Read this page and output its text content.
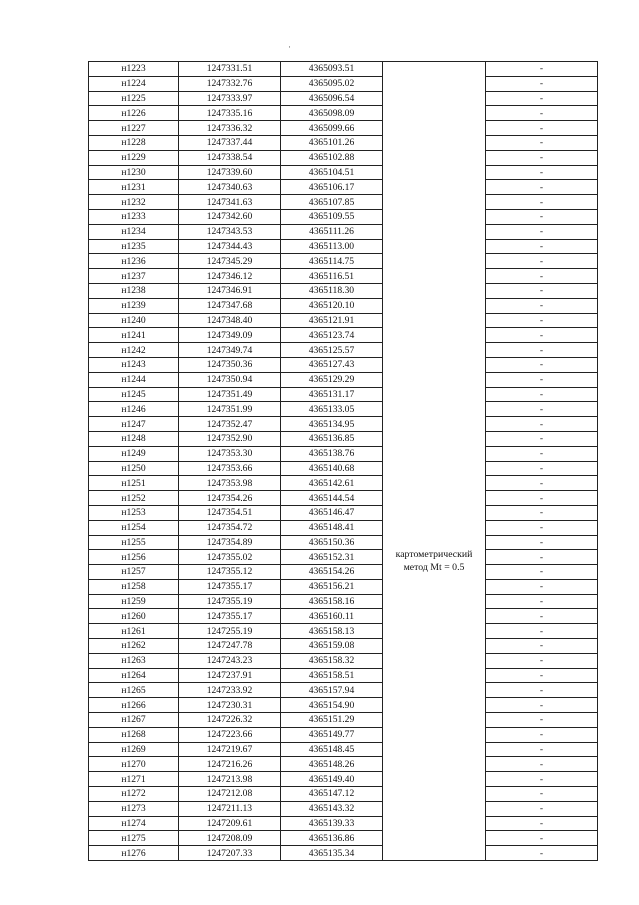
·
н1223	1247331.51	4365093.51	картометрический
метод Mt = 0.5	-
н1224	1247332.76	4365095.02		-
н1225	1247333.97	4365096.54		-
н1226	1247335.16	4365098.09		-
н1227	1247336.32	4365099.66		-
н1228	1247337.44	4365101.26		-
н1229	1247338.54	4365102.88		-
н1230	1247339.60	4365104.51		-
н1231	1247340.63	4365106.17		-
н1232	1247341.63	4365107.85		-
н1233	1247342.60	4365109.55		-
н1234	1247343.53	4365111.26		-
н1235	1247344.43	4365113.00		-
н1236	1247345.29	4365114.75		-
н1237	1247346.12	4365116.51		-
н1238	1247346.91	4365118.30		-
н1239	1247347.68	4365120.10		-
н1240	1247348.40	4365121.91		-
н1241	1247349.09	4365123.74		-
н1242	1247349.74	4365125.57		-
н1243	1247350.36	4365127.43		-
н1244	1247350.94	4365129.29		-
н1245	1247351.49	4365131.17		-
н1246	1247351.99	4365133.05		-
н1247	1247352.47	4365134.95		-
н1248	1247352.90	4365136.85		-
н1249	1247353.30	4365138.76		-
н1250	1247353.66	4365140.68		-
н1251	1247353.98	4365142.61		-
н1252	1247354.26	4365144.54		-
н1253	1247354.51	4365146.47		-
н1254	1247354.72	4365148.41		-
н1255	1247354.89	4365150.36		-
н1256	1247355.02	4365152.31		-
н1257	1247355.12	4365154.26		-
н1258	1247355.17	4365156.21		-
н1259	1247355.19	4365158.16		-
н1260	1247355.17	4365160.11		-
н1261	1247255.19	4365158.13		-
н1262	1247247.78	4365159.08		-
н1263	1247243.23	4365158.32		-
н1264	1247237.91	4365158.51		-
н1265	1247233.92	4365157.94		-
н1266	1247230.31	4365154.90		-
н1267	1247226.32	4365151.29		-
н1268	1247223.66	4365149.77		-
н1269	1247219.67	4365148.45		-
н1270	1247216.26	4365148.26		-
н1271	1247213.98	4365149.40		-
н1272	1247212.08	4365147.12		-
н1273	1247211.13	4365143.32		-
н1274	1247209.61	4365139.33		-
н1275	1247208.09	4365136.86		-
н1276	1247207.33	4365135.34		-
